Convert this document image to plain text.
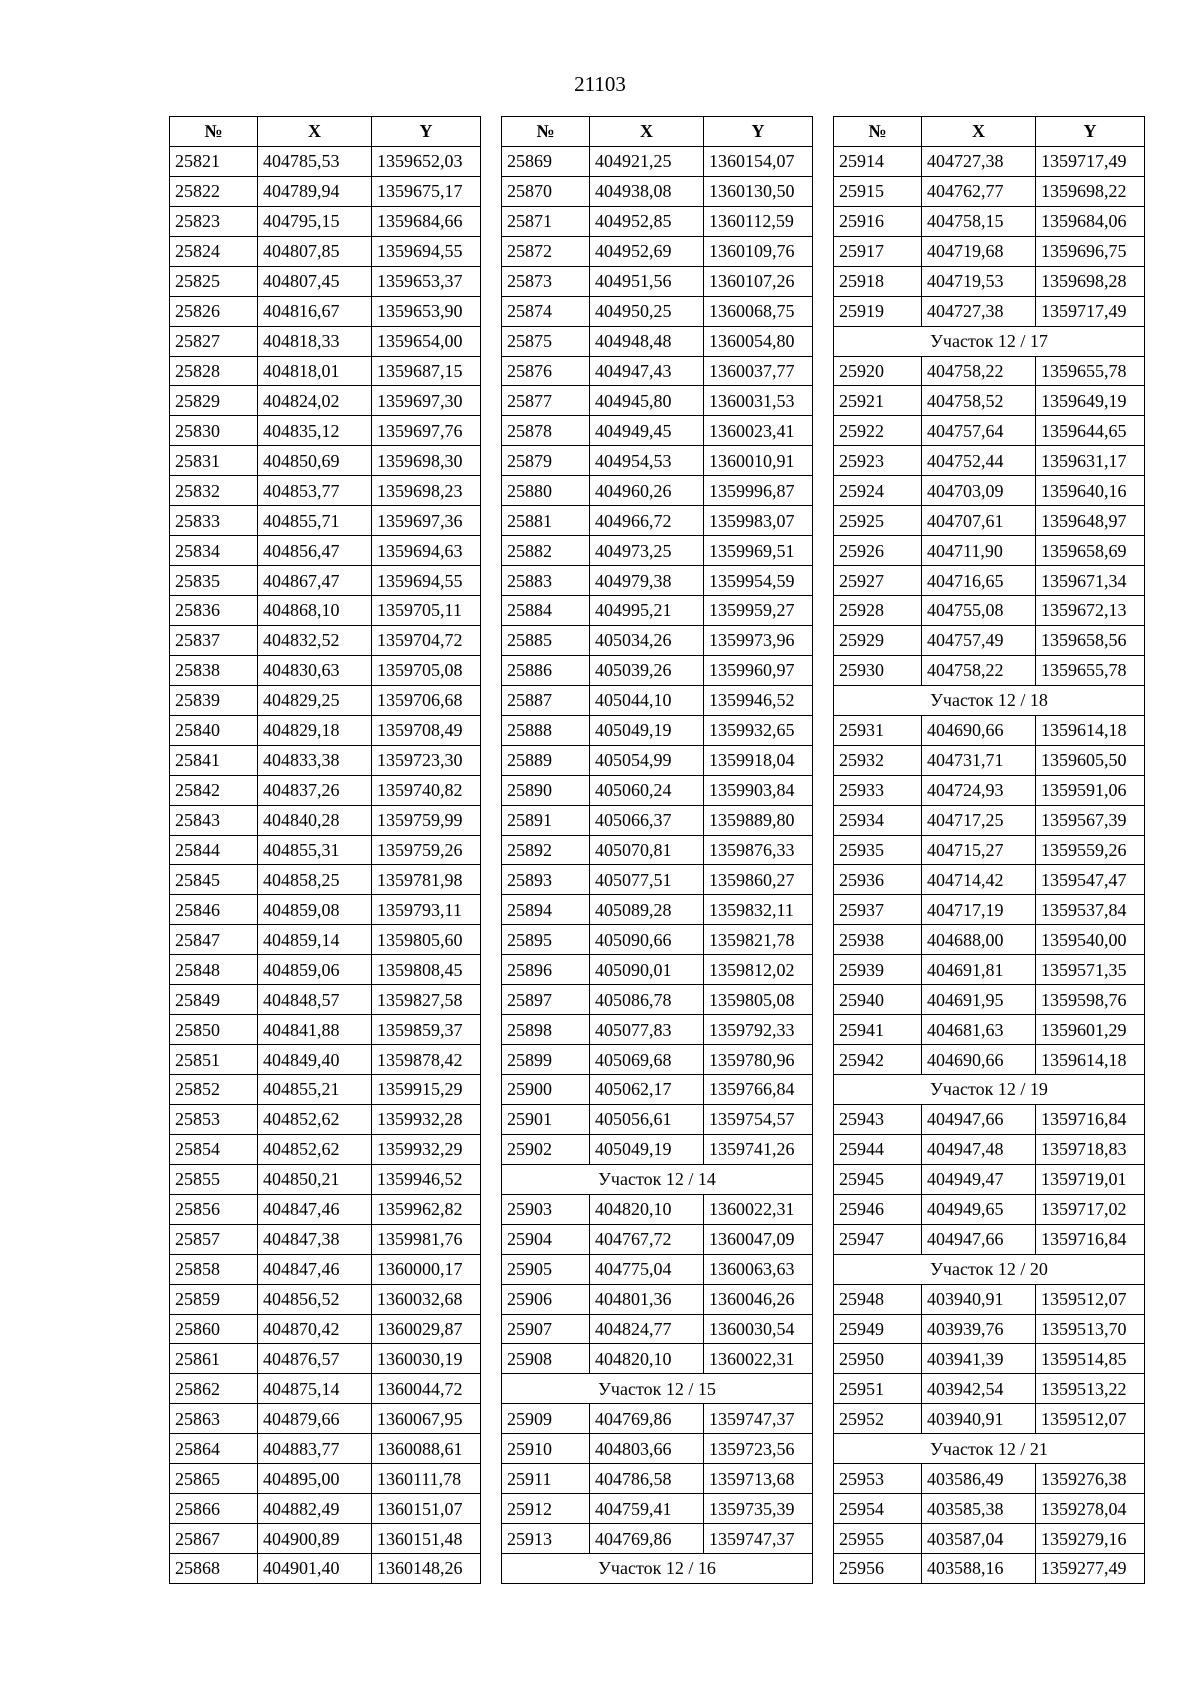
21103
№	X	Y
25821	404785,53	1359652,03
25822	404789,94	1359675,17
25823	404795,15	1359684,66
25824	404807,85	1359694,55
25825	404807,45	1359653,37
25826	404816,67	1359653,90
25827	404818,33	1359654,00
25828	404818,01	1359687,15
25829	404824,02	1359697,30
25830	404835,12	1359697,76
25831	404850,69	1359698,30
25832	404853,77	1359698,23
25833	404855,71	1359697,36
25834	404856,47	1359694,63
25835	404867,47	1359694,55
25836	404868,10	1359705,11
25837	404832,52	1359704,72
25838	404830,63	1359705,08
25839	404829,25	1359706,68
25840	404829,18	1359708,49
25841	404833,38	1359723,30
25842	404837,26	1359740,82
25843	404840,28	1359759,99
25844	404855,31	1359759,26
25845	404858,25	1359781,98
25846	404859,08	1359793,11
25847	404859,14	1359805,60
25848	404859,06	1359808,45
25849	404848,57	1359827,58
25850	404841,88	1359859,37
25851	404849,40	1359878,42
25852	404855,21	1359915,29
25853	404852,62	1359932,28
25854	404852,62	1359932,29
25855	404850,21	1359946,52
25856	404847,46	1359962,82
25857	404847,38	1359981,76
25858	404847,46	1360000,17
25859	404856,52	1360032,68
25860	404870,42	1360029,87
25861	404876,57	1360030,19
25862	404875,14	1360044,72
25863	404879,66	1360067,95
25864	404883,77	1360088,61
25865	404895,00	1360111,78
25866	404882,49	1360151,07
25867	404900,89	1360151,48
25868	404901,40	1360148,26
№	X	Y
25869	404921,25	1360154,07
25870	404938,08	1360130,50
25871	404952,85	1360112,59
25872	404952,69	1360109,76
25873	404951,56	1360107,26
25874	404950,25	1360068,75
25875	404948,48	1360054,80
25876	404947,43	1360037,77
25877	404945,80	1360031,53
25878	404949,45	1360023,41
25879	404954,53	1360010,91
25880	404960,26	1359996,87
25881	404966,72	1359983,07
25882	404973,25	1359969,51
25883	404979,38	1359954,59
25884	404995,21	1359959,27
25885	405034,26	1359973,96
25886	405039,26	1359960,97
25887	405044,10	1359946,52
25888	405049,19	1359932,65
25889	405054,99	1359918,04
25890	405060,24	1359903,84
25891	405066,37	1359889,80
25892	405070,81	1359876,33
25893	405077,51	1359860,27
25894	405089,28	1359832,11
25895	405090,66	1359821,78
25896	405090,01	1359812,02
25897	405086,78	1359805,08
25898	405077,83	1359792,33
25899	405069,68	1359780,96
25900	405062,17	1359766,84
25901	405056,61	1359754,57
25902	405049,19	1359741,26
Участок 12 / 14		
25903	404820,10	1360022,31
25904	404767,72	1360047,09
25905	404775,04	1360063,63
25906	404801,36	1360046,26
25907	404824,77	1360030,54
25908	404820,10	1360022,31
Участок 12 / 15		
25909	404769,86	1359747,37
25910	404803,66	1359723,56
25911	404786,58	1359713,68
25912	404759,41	1359735,39
25913	404769,86	1359747,37
Участок 12 / 16		
№	X	Y
25914	404727,38	1359717,49
25915	404762,77	1359698,22
25916	404758,15	1359684,06
25917	404719,68	1359696,75
25918	404719,53	1359698,28
25919	404727,38	1359717,49
Участок 12 / 17		
25920	404758,22	1359655,78
25921	404758,52	1359649,19
25922	404757,64	1359644,65
25923	404752,44	1359631,17
25924	404703,09	1359640,16
25925	404707,61	1359648,97
25926	404711,90	1359658,69
25927	404716,65	1359671,34
25928	404755,08	1359672,13
25929	404757,49	1359658,56
25930	404758,22	1359655,78
Участок 12 / 18		
25931	404690,66	1359614,18
25932	404731,71	1359605,50
25933	404724,93	1359591,06
25934	404717,25	1359567,39
25935	404715,27	1359559,26
25936	404714,42	1359547,47
25937	404717,19	1359537,84
25938	404688,00	1359540,00
25939	404691,81	1359571,35
25940	404691,95	1359598,76
25941	404681,63	1359601,29
25942	404690,66	1359614,18
Участок 12 / 19		
25943	404947,66	1359716,84
25944	404947,48	1359718,83
25945	404949,47	1359719,01
25946	404949,65	1359717,02
25947	404947,66	1359716,84
Участок 12 / 20		
25948	403940,91	1359512,07
25949	403939,76	1359513,70
25950	403941,39	1359514,85
25951	403942,54	1359513,22
25952	403940,91	1359512,07
Участок 12 / 21		
25953	403586,49	1359276,38
25954	403585,38	1359278,04
25955	403587,04	1359279,16
25956	403588,16	1359277,49
